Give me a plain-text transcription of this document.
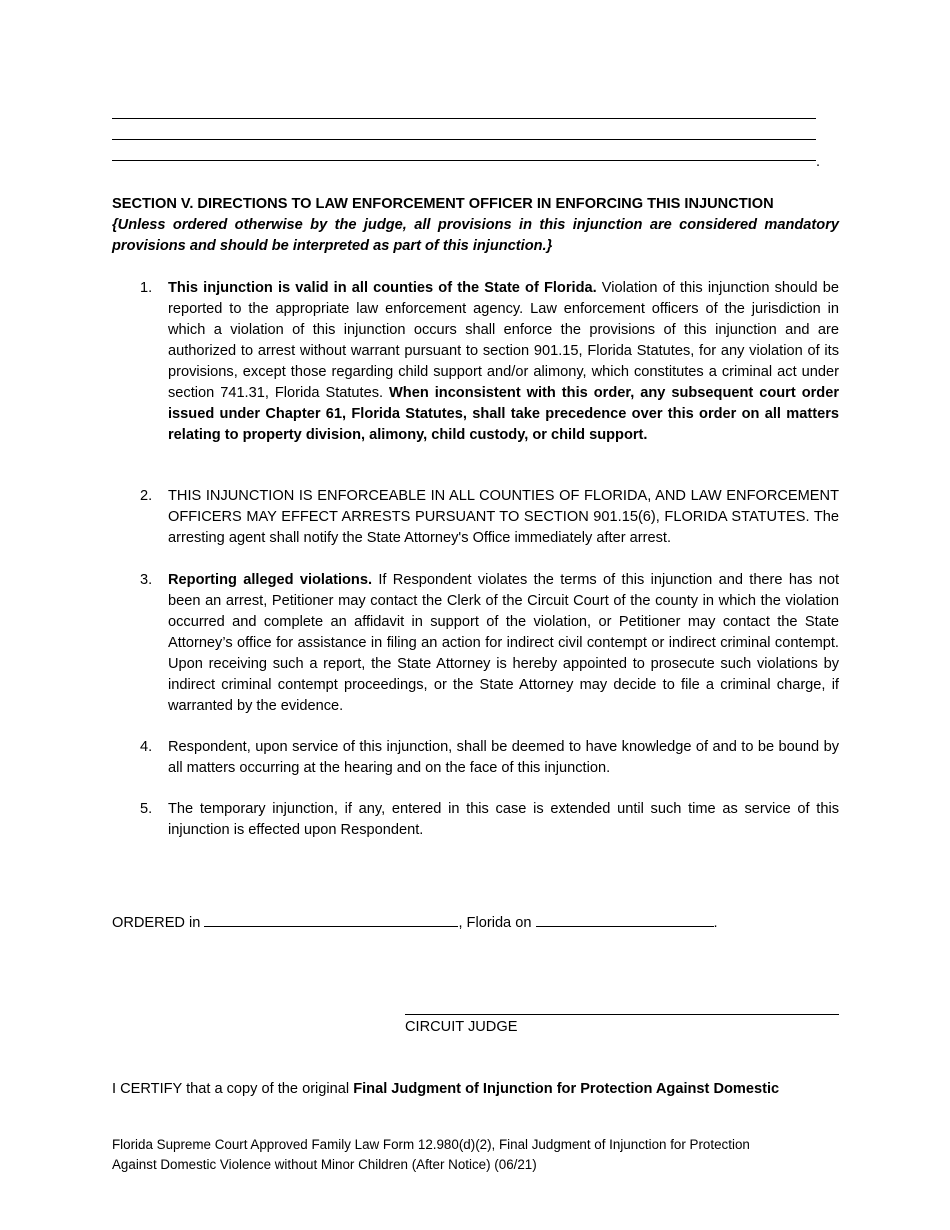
.
SECTION V. DIRECTIONS TO LAW ENFORCEMENT OFFICER IN ENFORCING THIS INJUNCTION
{Unless ordered otherwise by the judge, all provisions in this injunction are considered mandatory provisions and should be interpreted as part of this injunction.}
1. This injunction is valid in all counties of the State of Florida. Violation of this injunction should be reported to the appropriate law enforcement agency. Law enforcement officers of the jurisdiction in which a violation of this injunction occurs shall enforce the provisions of this injunction and are authorized to arrest without warrant pursuant to section 901.15, Florida Statutes, for any violation of its provisions, except those regarding child support and/or alimony, which constitutes a criminal act under section 741.31, Florida Statutes. When inconsistent with this order, any subsequent court order issued under Chapter 61, Florida Statutes, shall take precedence over this order on all matters relating to property division, alimony, child custody, or child support.
2. THIS INJUNCTION IS ENFORCEABLE IN ALL COUNTIES OF FLORIDA, AND LAW ENFORCEMENT OFFICERS MAY EFFECT ARRESTS PURSUANT TO SECTION 901.15(6), FLORIDA STATUTES. The arresting agent shall notify the State Attorney's Office immediately after arrest.
3. Reporting alleged violations. If Respondent violates the terms of this injunction and there has not been an arrest, Petitioner may contact the Clerk of the Circuit Court of the county in which the violation occurred and complete an affidavit in support of the violation, or Petitioner may contact the State Attorney’s office for assistance in filing an action for indirect civil contempt or indirect criminal contempt. Upon receiving such a report, the State Attorney is hereby appointed to prosecute such violations by indirect criminal contempt proceedings, or the State Attorney may decide to file a criminal charge, if warranted by the evidence.
4. Respondent, upon service of this injunction, shall be deemed to have knowledge of and to be bound by all matters occurring at the hearing and on the face of this injunction.
5. The temporary injunction, if any, entered in this case is extended until such time as service of this injunction is effected upon Respondent.
ORDERED in	, Florida on	.
CIRCUIT JUDGE
I CERTIFY that a copy of the original Final Judgment of Injunction for Protection Against Domestic
Florida Supreme Court Approved Family Law Form 12.980(d)(2), Final Judgment of Injunction for Protection
Against Domestic Violence without Minor Children (After Notice) (06/21)
